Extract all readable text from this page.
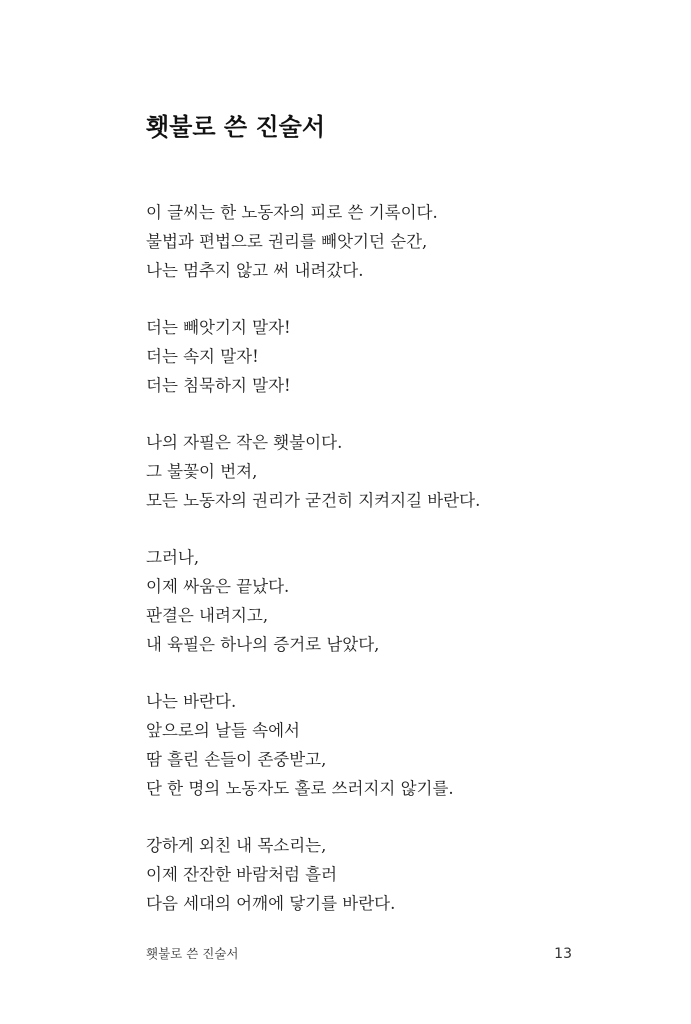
횃불로 쓴 진술서
이 글씨는 한 노동자의 피로 쓴 기록이다.
불법과 편법으로 권리를 빼앗기던 순간,
나는 멈추지 않고 써 내려갔다.
더는 빼앗기지 말자!
더는 속지 말자!
더는 침묵하지 말자!
나의 자필은 작은 횃불이다.
그 불꽃이 번져,
모든 노동자의 권리가 굳건히 지켜지길 바란다.
그러나,
이제 싸움은 끝났다.
판결은 내려지고,
내 육필은 하나의 증거로 남았다,
나는 바란다.
앞으로의 날들 속에서
땀 흘린 손들이 존중받고,
단 한 명의 노동자도 홀로 쓰러지지 않기를.
강하게 외친 내 목소리는,
이제 잔잔한 바람처럼 흘러
다음 세대의 어깨에 닿기를 바란다.
횃불로 쓴 진술서	13
